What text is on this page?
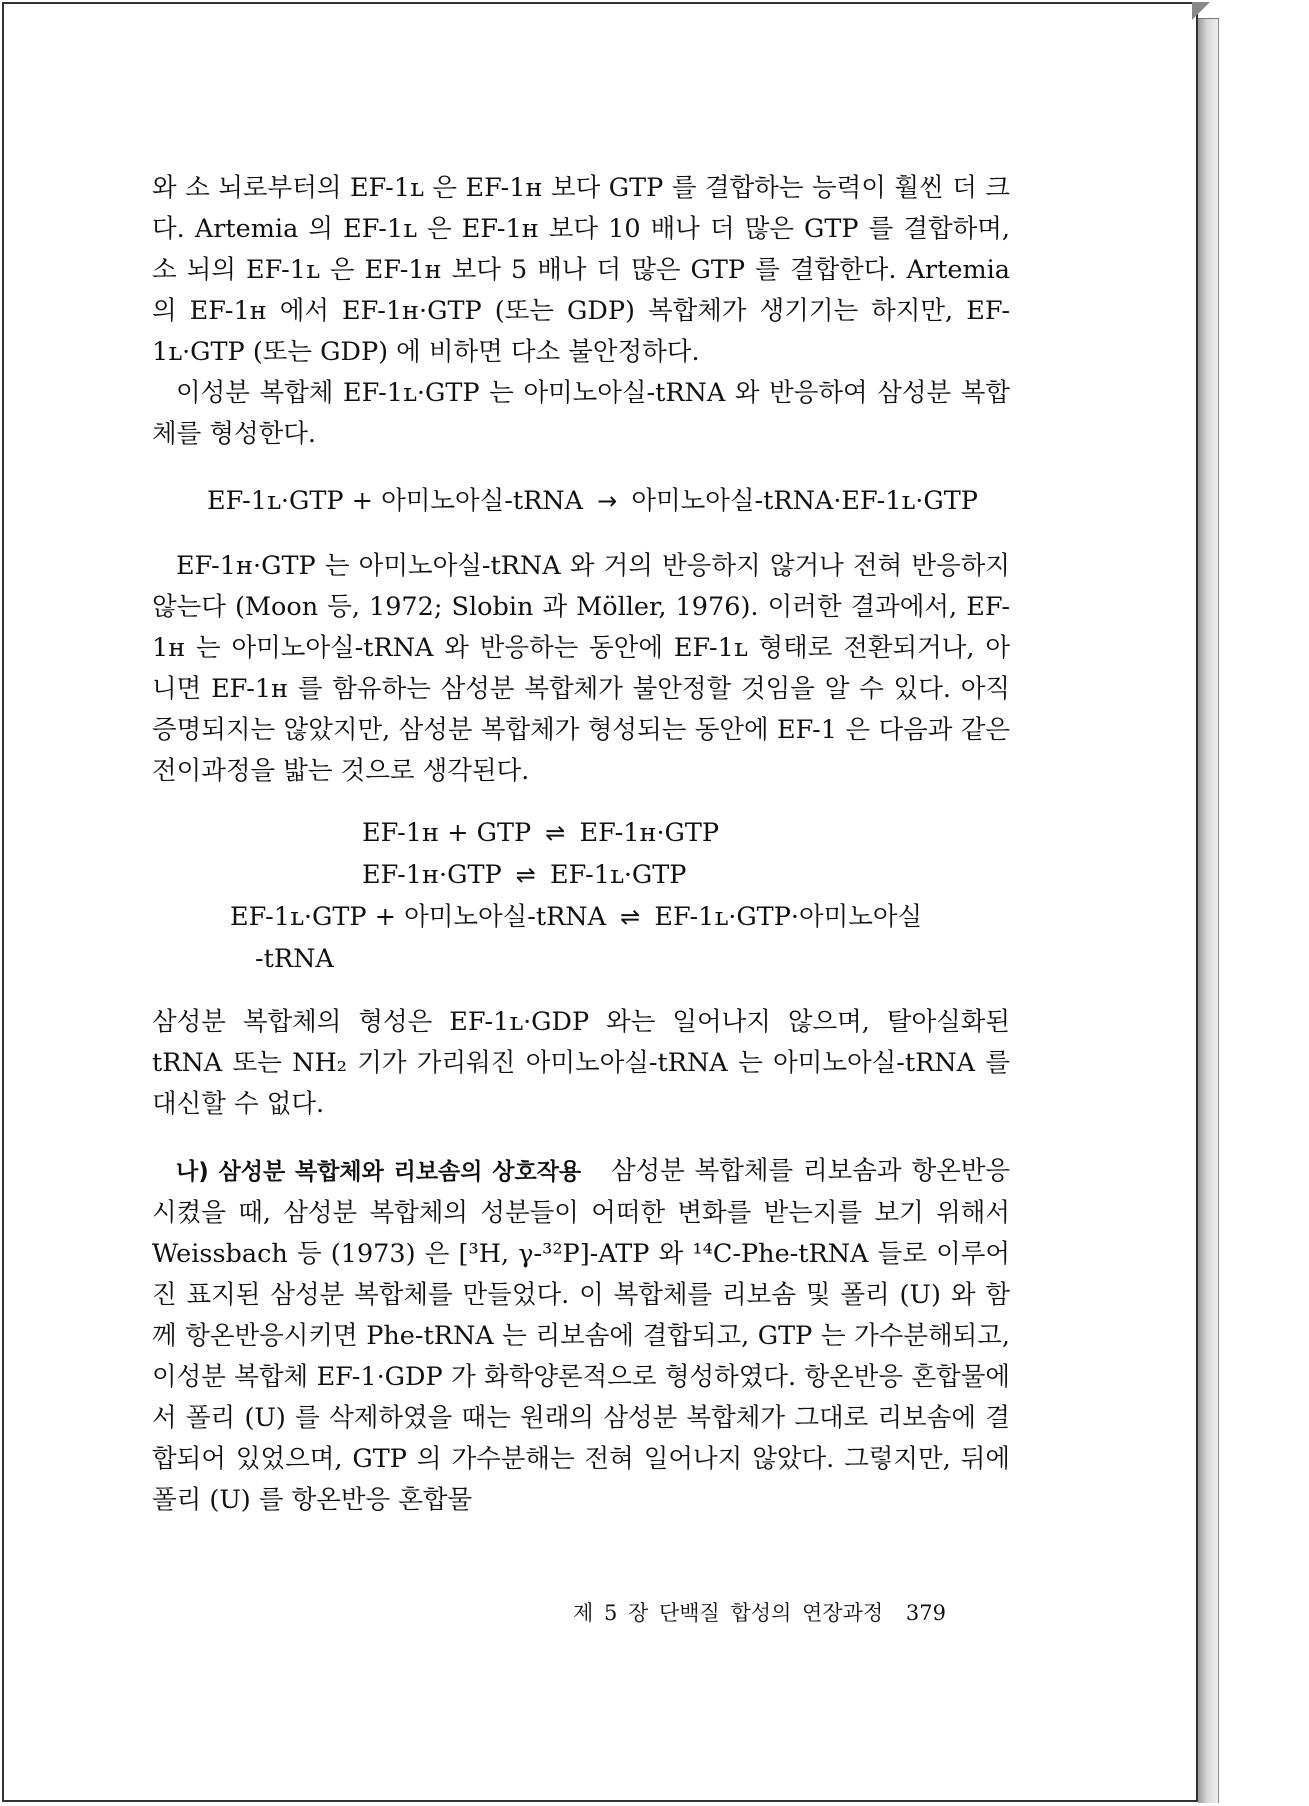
와 소 뇌로부터의 EF-1ʟ 은 EF-1ʜ 보다 GTP 를 결합하는 능력이 훨씬 더 크다. Artemia 의 EF-1ʟ 은 EF-1ʜ 보다 10 배나 더 많은 GTP 를 결합하며, 소 뇌의 EF-1ʟ 은 EF-1ʜ 보다 5 배나 더 많은 GTP 를 결합한다. Artemia 의 EF-1ʜ 에서 EF-1ʜ·GTP (또는 GDP) 복합체가 생기기는 하지만, EF-1ʟ·GTP (또는 GDP) 에 비하면 다소 불안정하다.

이성분 복합체 EF-1ʟ·GTP 는 아미노아실-tRNA 와 반응하여 삼성분 복합체를 형성한다.

EF-1ʟ·GTP + 아미노아실-tRNA → 아미노아실-tRNA·EF-1ʟ·GTP

EF-1ʜ·GTP 는 아미노아실-tRNA 와 거의 반응하지 않거나 전혀 반응하지 않는다 (Moon 등, 1972; Slobin 과 Möller, 1976). 이러한 결과에서, EF-1ʜ 는 아미노아실-tRNA 와 반응하는 동안에 EF-1ʟ 형태로 전환되거나, 아니면 EF-1ʜ 를 함유하는 삼성분 복합체가 불안정할 것임을 알 수 있다. 아직 증명되지는 않았지만, 삼성분 복합체가 형성되는 동안에 EF-1 은 다음과 같은 전이과정을 밟는 것으로 생각된다.

EF-1ʜ + GTP ⇌ EF-1ʜ·GTP
EF-1ʜ·GTP ⇌ EF-1ʟ·GTP
EF-1ʟ·GTP + 아미노아실-tRNA ⇌ EF-1ʟ·GTP·아미노아실
-tRNA

삼성분 복합체의 형성은 EF-1ʟ·GDP 와는 일어나지 않으며, 탈아실화된 tRNA 또는 NH₂ 기가 가리워진 아미노아실-tRNA 는 아미노아실-tRNA 를 대신할 수 없다.

나) 삼성분 복합체와 리보솜의 상호작용 삼성분 복합체를 리보솜과 항온반응시켰을 때, 삼성분 복합체의 성분들이 어떠한 변화를 받는지를 보기 위해서 Weissbach 등 (1973) 은 [³H, γ-³²P]-ATP 와 ¹⁴C-Phe-tRNA 들로 이루어진 표지된 삼성분 복합체를 만들었다. 이 복합체를 리보솜 및 폴리 (U) 와 함께 항온반응시키면 Phe-tRNA 는 리보솜에 결합되고, GTP 는 가수분해되고, 이성분 복합체 EF-1·GDP 가 화학양론적으로 형성하였다. 항온반응 혼합물에서 폴리 (U) 를 삭제하였을 때는 원래의 삼성분 복합체가 그대로 리보솜에 결합되어 있었으며, GTP 의 가수분해는 전혀 일어나지 않았다. 그렇지만, 뒤에 폴리 (U) 를 항온반응 혼합물

제 5 장 단백질 합성의 연장과정 379
